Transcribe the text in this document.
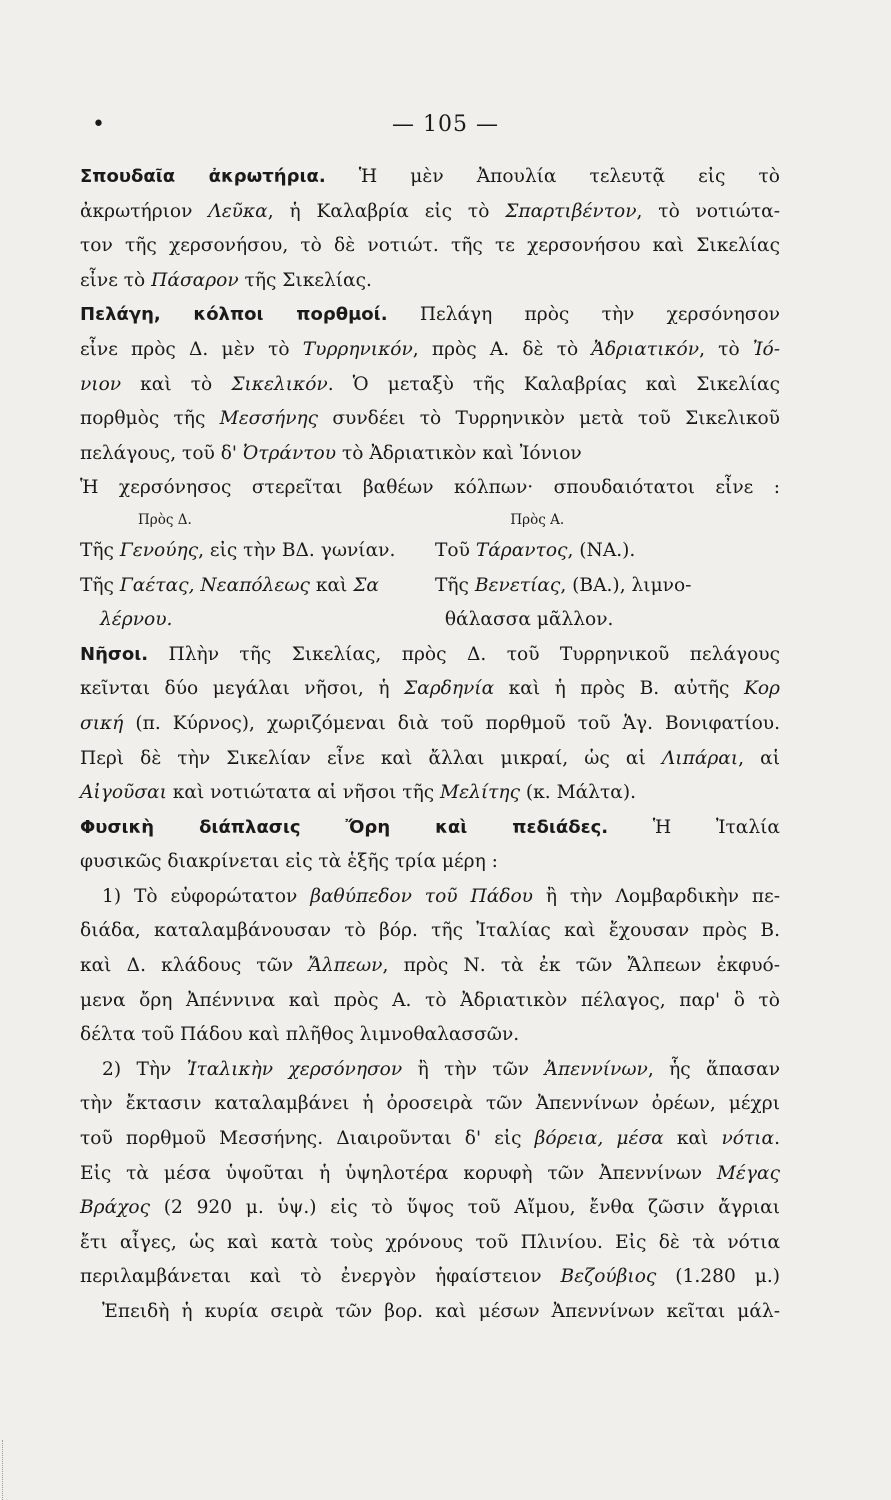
•	— 105 —
Σπουδαῖα ἀκρωτήρια. Ἡ μὲν Ἀπουλία τελευτᾷ εἰς τὸ
ἀκρωτήριον Λεῦκα, ἡ Καλαβρία εἰς τὸ Σπαρτιβέντον, τὸ νοτιώτα-
τον τῆς χερσονήσου, τὸ δὲ νοτιώτ. τῆς τε χερσονήσου καὶ Σικελίας
εἶνε τὸ Πάσαρον τῆς Σικελίας.
Πελάγη, κόλποι πορθμοί. Πελάγη πρὸς τὴν χερσόνησον
εἶνε πρὸς Δ. μὲν τὸ Τυρρηνικόν, πρὸς Α. δὲ τὸ Ἀδριατικόν, τὸ Ἰό-
νιον καὶ τὸ Σικελικόν. Ὁ μεταξὺ τῆς Καλαβρίας καὶ Σικελίας
πορθμὸς τῆς Μεσσήνης συνδέει τὸ Τυρρηνικὸν μετὰ τοῦ Σικελικοῦ
πελάγους, τοῦ δ' Ὀτράντου τὸ Ἀδριατικὸν καὶ Ἰόνιον
Ἡ χερσόνησος στερεῖται βαθέων κόλπων· σπουδαιότατοι εἶνε :
Πρὸς Δ.	Πρὸς Α.
Τῆς Γενούης, εἰς τὴν ΒΔ. γωνίαν.	Τοῦ Τάραντος, (ΝΑ.).
Τῆς Γαέτας, Νεαπόλεως καὶ Σα	Τῆς Βενετίας, (ΒΑ.), λιμνο-
λέρνου.	θάλασσα μᾶλλον.
Νῆσοι. Πλὴν τῆς Σικελίας, πρὸς Δ. τοῦ Τυρρηνικοῦ πελάγους
κεῖνται δύο μεγάλαι νῆσοι, ἡ Σαρδηνία καὶ ἡ πρὸς Β. αὐτῆς Κορ
σική (π. Κύρνος), χωριζόμεναι διὰ τοῦ πορθμοῦ τοῦ Ἁγ. Βονιφατίου.
Περὶ δὲ τὴν Σικελίαν εἶνε καὶ ἄλλαι μικραί, ὡς αἱ Λιπάραι, αἱ
Αἰγοῦσαι καὶ νοτιώτατα αἱ νῆσοι τῆς Μελίτης (κ. Μάλτα).
Φυσικὴ διάπλασις Ὄρη καὶ πεδιάδες. Ἡ Ἰταλία
φυσικῶς διακρίνεται εἰς τὰ ἑξῆς τρία μέρη :
1) Τὸ εὐφορώτατον βαθύπεδον τοῦ Πάδου ἢ τὴν Λομβαρδικὴν πε-
διάδα, καταλαμβάνουσαν τὸ βόρ. τῆς Ἰταλίας καὶ ἔχουσαν πρὸς Β.
καὶ Δ. κλάδους τῶν Ἄλπεων, πρὸς Ν. τὰ ἐκ τῶν Ἄλπεων ἐκφυό-
μενα ὄρη Ἀπέννινα καὶ πρὸς Α. τὸ Ἀδριατικὸν πέλαγος, παρ' ὃ τὸ
δέλτα τοῦ Πάδου καὶ πλῆθος λιμνοθαλασσῶν.
2) Τὴν Ἰταλικὴν χερσόνησον ἢ τὴν τῶν Ἀπεννίνων, ἧς ἅπασαν
τὴν ἔκτασιν καταλαμβάνει ἡ ὀροσειρὰ τῶν Ἀπεννίνων ὀρέων, μέχρι
τοῦ πορθμοῦ Μεσσήνης. Διαιροῦνται δ' εἰς βόρεια, μέσα καὶ νότια.
Εἰς τὰ μέσα ὑψοῦται ἡ ὑψηλοτέρα κορυφὴ τῶν Ἀπεννίνων Μέγας
Βράχος (2 920 μ. ὑψ.) εἰς τὸ ὕψος τοῦ Αἴμου, ἔνθα ζῶσιν ἄγριαι
ἔτι αἶγες, ὡς καὶ κατὰ τοὺς χρόνους τοῦ Πλινίου. Εἰς δὲ τὰ νότια
περιλαμβάνεται καὶ τὸ ἐνεργὸν ἡφαίστειον Βεζούβιος (1.280 μ.)
Ἐπειδὴ ἡ κυρία σειρὰ τῶν βορ. καὶ μέσων Ἀπεννίνων κεῖται μάλ-
